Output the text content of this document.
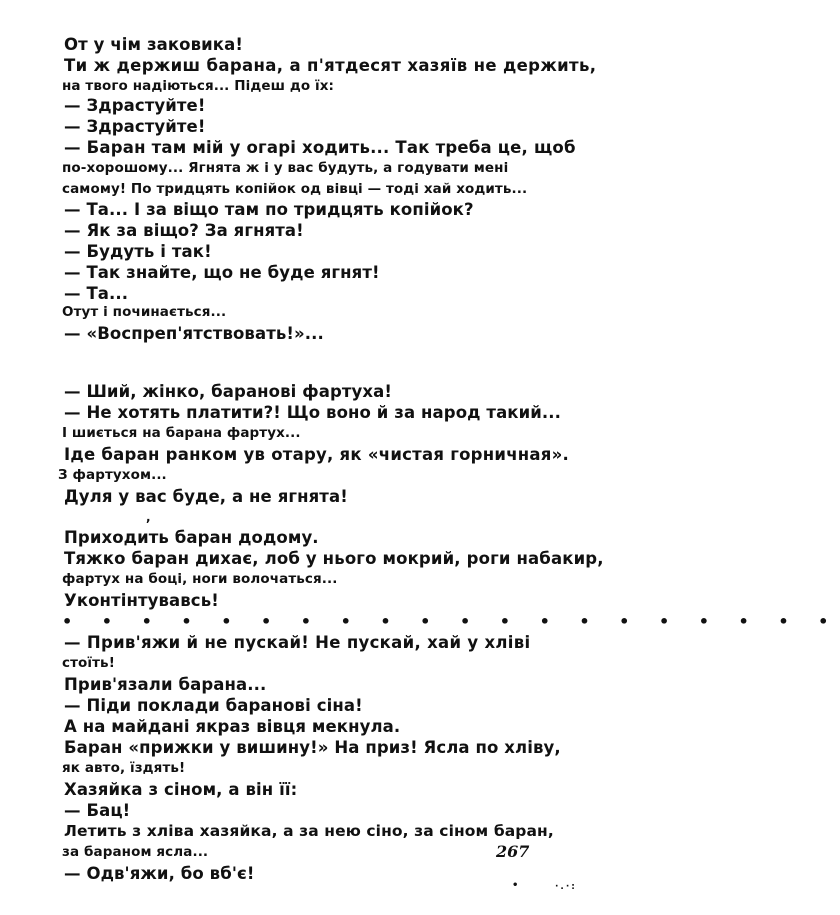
От у чім заковика!
Ти ж держиш барана, а п'ятдесят хазяїв не держить,
на твого надіються... Підеш до їх:
— Здрастуйте!
— Здрастуйте!
— Баран там мій у огарі ходить... Так треба це, щоб
по-хорошому... Ягнята ж і у вас будуть, а годувати мені
самому! По тридцять копійок од вівці — тоді хай ходить...
— Та... І за віщо там по тридцять копійок?
— Як за віщо? За ягнята!
— Будуть і так!
— Так знайте, що не буде ягнят!
— Та...
Отут і починається...
— «Воспреп'ятствовать!»...
— Ший, жінко, баранові фартуха!
— Не хотять платити?! Що воно й за народ такий...
І шиється на барана фартух...
Іде баран ранком ув отару, як «чистая горничная».
З фартухом...
Дуля у вас буде, а не ягнята!
,
Приходить баран додому.
Тяжко баран дихає, лоб у нього мокрий, роги набакир,
фартух на боці, ноги волочаться...
Уконтінтувавсь!
• • • • • • • • • • • • • • • • • • • •
— Прив'яжи й не пускай! Не пускай, хай у хліві
стоїть!
Прив'язали барана...
— Піди поклади баранові сіна!
А на майдані якраз вівця мекнула.
Баран «прижки у вишину!» На приз! Ясла по хліву,
як авто, їздять!
Хазяйка з сіном, а він її:
— Бац!
Летить з хліва хазяйка, а за нею сіно, за сіном баран,
за бараном ясла...
— Одв'яжи, бо вб'є!
267
•	·.·:
